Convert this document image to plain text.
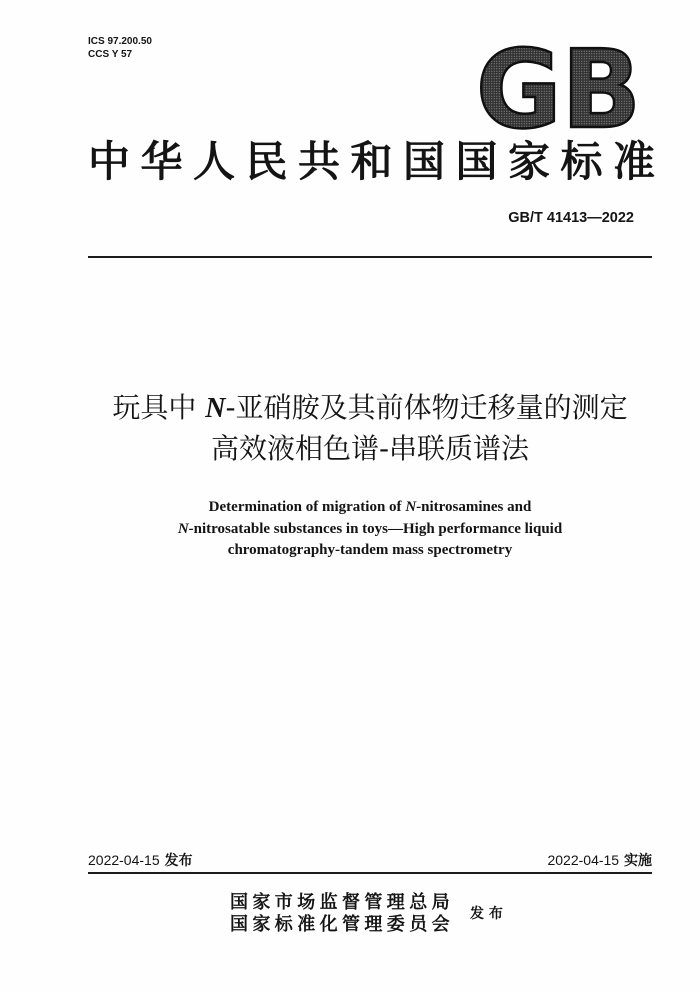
ICS 97.200.50
CCS Y 57	GB
中华人民共和国国家标准
GB/T 41413—2022
玩具中 N-亚硝胺及其前体物迁移量的测定
高效液相色谱-串联质谱法
Determination of migration of N-nitrosamines and
N-nitrosatable substances in toys—High performance liquid
chromatography-tandem mass spectrometry
2022-04-15 发布	2022-04-15 实施
国家市场监督管理总局
国家标准化管理委员会 发 布
